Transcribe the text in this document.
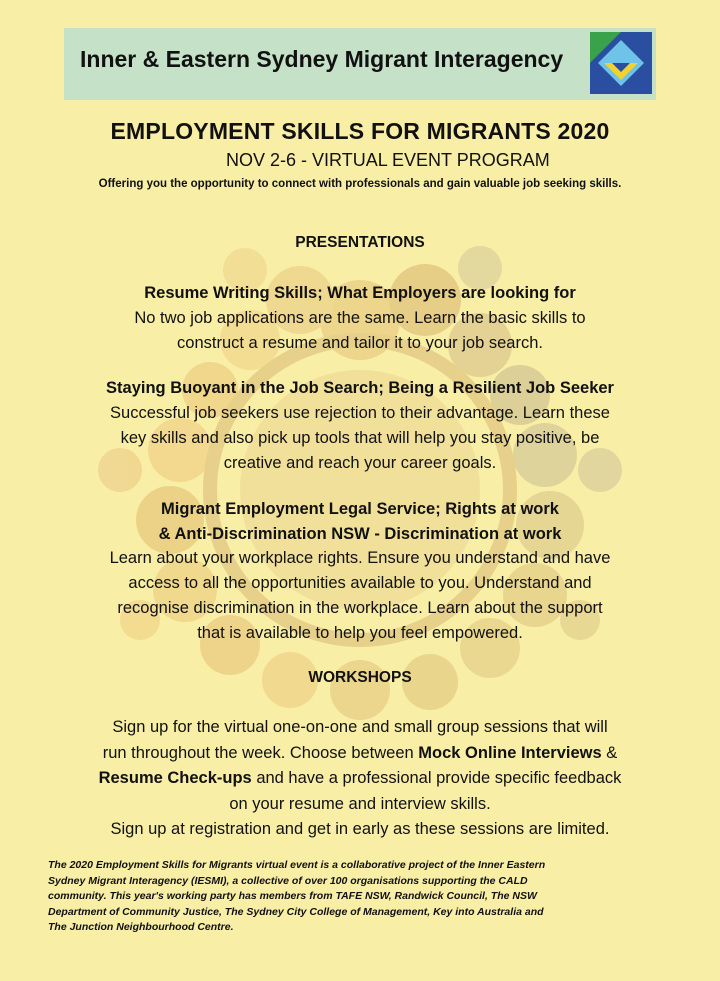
Inner & Eastern Sydney Migrant Interagency
EMPLOYMENT SKILLS FOR MIGRANTS 2020
NOV 2-6 - VIRTUAL EVENT PROGRAM
Offering you the opportunity to connect with professionals and gain valuable job seeking skills.
PRESENTATIONS
Resume Writing Skills; What Employers are looking for
No two job applications are the same. Learn the basic skills to
construct a resume and tailor it to your job search.
Staying Buoyant in the Job Search; Being a Resilient Job Seeker
Successful job seekers use rejection to their advantage. Learn these
key skills and also pick up tools that will help you stay positive, be
creative and reach your career goals.
Migrant Employment Legal Service; Rights at work
& Anti-Discrimination NSW - Discrimination at work
Learn about your workplace rights. Ensure you understand and have
access to all the opportunities available to you. Understand and
recognise discrimination in the workplace. Learn about the support
that is available to help you feel empowered.
WORKSHOPS
Sign up for the virtual one-on-one and small group sessions that will
run throughout the week. Choose between Mock Online Interviews &
Resume Check-ups and have a professional provide specific feedback
on your resume and interview skills.
Sign up at registration and get in early as these sessions are limited.
The 2020 Employment Skills for Migrants virtual event is a collaborative project of the Inner Eastern
Sydney Migrant Interagency (IESMI), a collective of over 100 organisations supporting the CALD
community. This year's working party has members from TAFE NSW, Randwick Council, The NSW
Department of Community Justice, The Sydney City College of Management, Key into Australia and
The Junction Neighbourhood Centre.
